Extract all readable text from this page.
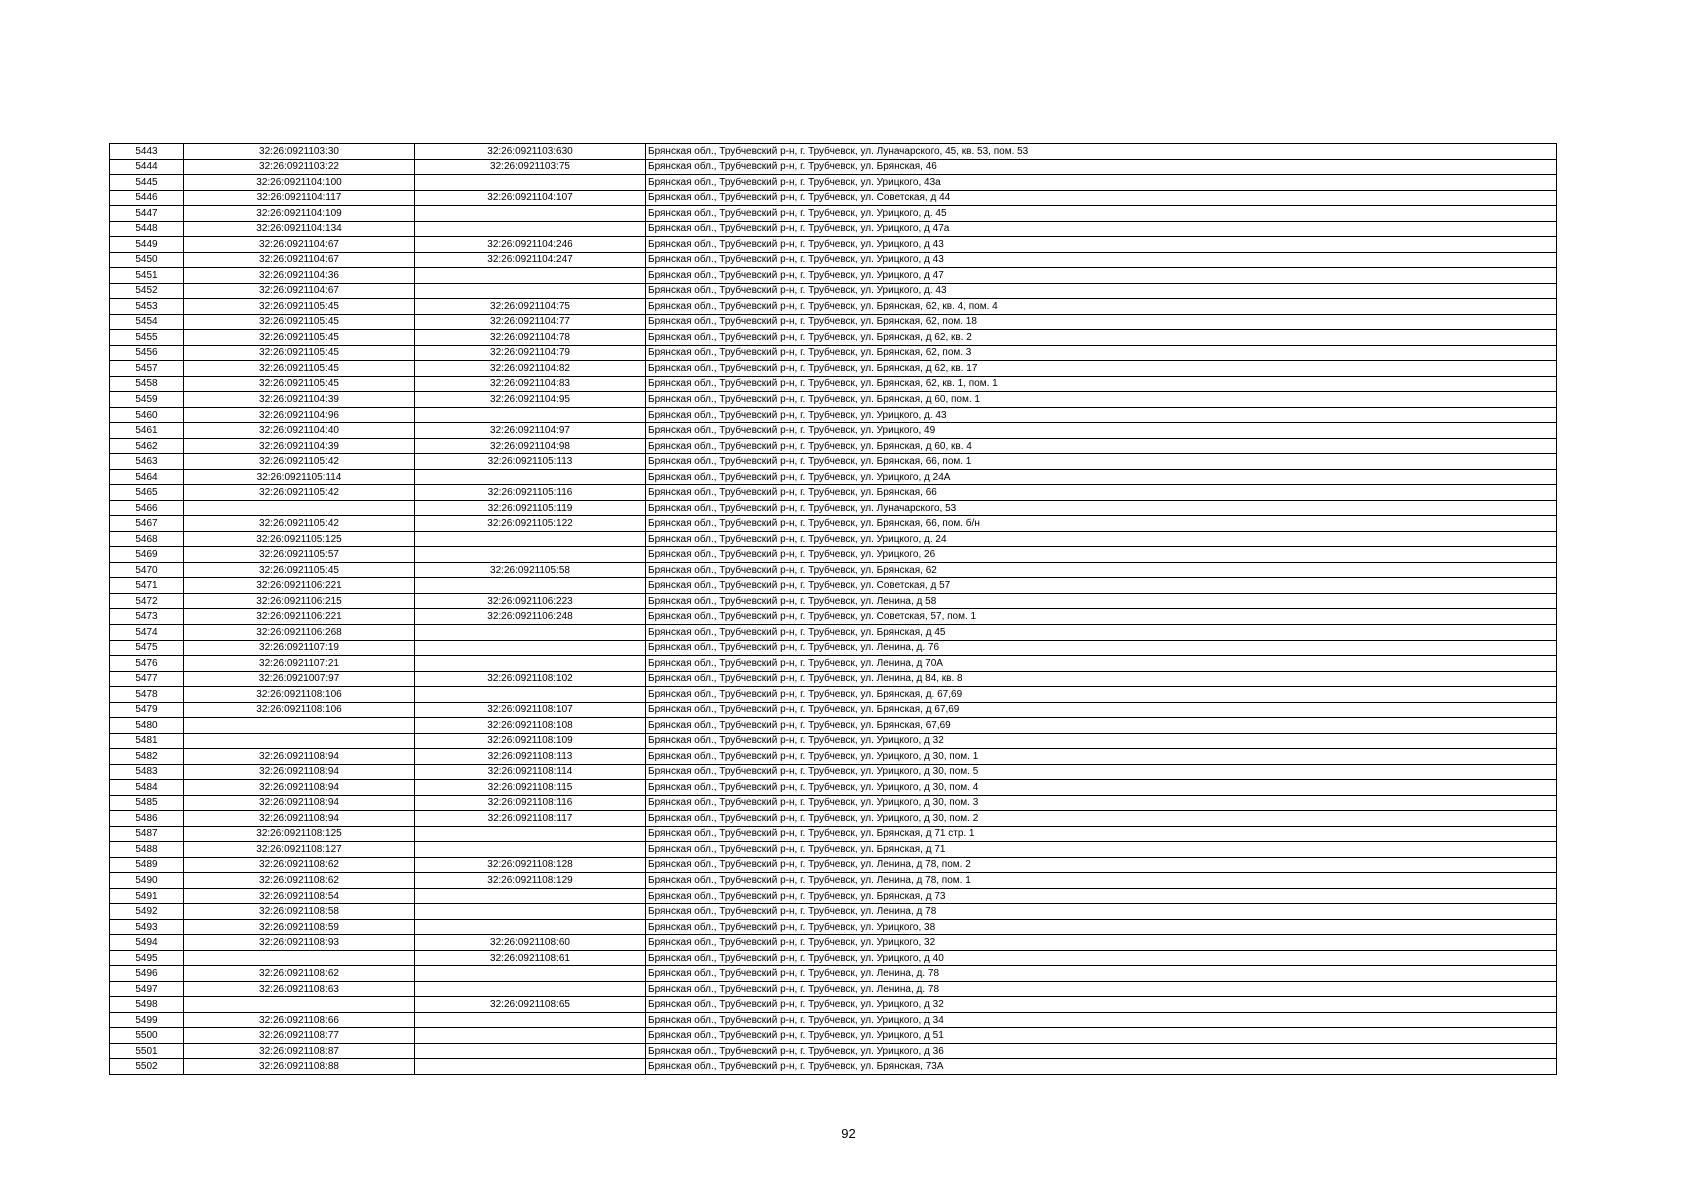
5443	32:26:0921103:30	32:26:0921103:630	Брянская обл., Трубчевский р-н, г. Трубчевск, ул. Луначарского, 45, кв. 53, пом. 53
5444	32:26:0921103:22	32:26:0921103:75	Брянская обл., Трубчевский р-н, г. Трубчевск, ул. Брянская, 46
5445	32:26:0921104:100		Брянская обл., Трубчевский р-н, г. Трубчевск, ул. Урицкого, 43а
5446	32:26:0921104:117	32:26:0921104:107	Брянская обл., Трубчевский р-н, г. Трубчевск, ул. Советская, д 44
5447	32:26:0921104:109		Брянская обл., Трубчевский р-н, г. Трубчевск, ул. Урицкого, д. 45
5448	32:26:0921104:134		Брянская обл., Трубчевский р-н, г. Трубчевск, ул. Урицкого, д 47а
5449	32:26:0921104:67	32:26:0921104:246	Брянская обл., Трубчевский р-н, г. Трубчевск, ул. Урицкого, д 43
5450	32:26:0921104:67	32:26:0921104:247	Брянская обл., Трубчевский р-н, г. Трубчевск, ул. Урицкого, д 43
5451	32:26:0921104:36		Брянская обл., Трубчевский р-н, г. Трубчевск, ул. Урицкого, д 47
5452	32:26:0921104:67		Брянская обл., Трубчевский р-н, г. Трубчевск, ул. Урицкого, д. 43
5453	32:26:0921105:45	32:26:0921104:75	Брянская обл., Трубчевский р-н, г. Трубчевск, ул. Брянская, 62, кв. 4, пом. 4
5454	32:26:0921105:45	32:26:0921104:77	Брянская обл., Трубчевский р-н, г. Трубчевск, ул. Брянская, 62, пом. 18
5455	32:26:0921105:45	32:26:0921104:78	Брянская обл., Трубчевский р-н, г. Трубчевск, ул. Брянская, д 62, кв. 2
5456	32:26:0921105:45	32:26:0921104:79	Брянская обл., Трубчевский р-н, г. Трубчевск, ул. Брянская, 62, пом. 3
5457	32:26:0921105:45	32:26:0921104:82	Брянская обл., Трубчевский р-н, г. Трубчевск, ул. Брянская, д 62, кв. 17
5458	32:26:0921105:45	32:26:0921104:83	Брянская обл., Трубчевский р-н, г. Трубчевск, ул. Брянская, 62, кв. 1, пом. 1
5459	32:26:0921104:39	32:26:0921104:95	Брянская обл., Трубчевский р-н, г. Трубчевск, ул. Брянская, д 60, пом. 1
5460	32:26:0921104:96		Брянская обл., Трубчевский р-н, г. Трубчевск, ул. Урицкого, д. 43
5461	32:26:0921104:40	32:26:0921104:97	Брянская обл., Трубчевский р-н, г. Трубчевск, ул. Урицкого, 49
5462	32:26:0921104:39	32:26:0921104:98	Брянская обл., Трубчевский р-н, г. Трубчевск, ул. Брянская, д 60, кв. 4
5463	32:26:0921105:42	32:26:0921105:113	Брянская обл., Трубчевский р-н, г. Трубчевск, ул. Брянская, 66, пом. 1
5464	32:26:0921105:114		Брянская обл., Трубчевский р-н, г. Трубчевск, ул. Урицкого, д 24А
5465	32:26:0921105:42	32:26:0921105:116	Брянская обл., Трубчевский р-н, г. Трубчевск, ул. Брянская, 66
5466		32:26:0921105:119	Брянская обл., Трубчевский р-н, г. Трубчевск, ул. Луначарского, 53
5467	32:26:0921105:42	32:26:0921105:122	Брянская обл., Трубчевский р-н, г. Трубчевск, ул. Брянская, 66, пом. б/н
5468	32:26:0921105:125		Брянская обл., Трубчевский р-н, г. Трубчевск, ул. Урицкого, д. 24
5469	32:26:0921105:57		Брянская обл., Трубчевский р-н, г. Трубчевск, ул. Урицкого, 26
5470	32:26:0921105:45	32:26:0921105:58	Брянская обл., Трубчевский р-н, г. Трубчевск, ул. Брянская, 62
5471	32:26:0921106:221		Брянская обл., Трубчевский р-н, г. Трубчевск, ул. Советская, д 57
5472	32:26:0921106:215	32:26:0921106:223	Брянская обл., Трубчевский р-н, г. Трубчевск, ул. Ленина, д 58
5473	32:26:0921106:221	32:26:0921106:248	Брянская обл., Трубчевский р-н, г. Трубчевск, ул. Советская, 57, пом. 1
5474	32:26:0921106:268		Брянская обл., Трубчевский р-н, г. Трубчевск, ул. Брянская, д 45
5475	32:26:0921107:19		Брянская обл., Трубчевский р-н, г. Трубчевск, ул. Ленина, д. 76
5476	32:26:0921107:21		Брянская обл., Трубчевский р-н, г. Трубчевск, ул. Ленина, д 70А
5477	32:26:0921007:97	32:26:0921108:102	Брянская обл., Трубчевский р-н, г. Трубчевск, ул. Ленина, д 84, кв. 8
5478	32:26:0921108:106		Брянская обл., Трубчевский р-н, г. Трубчевск, ул. Брянская, д. 67,69
5479	32:26:0921108:106	32:26:0921108:107	Брянская обл., Трубчевский р-н, г. Трубчевск, ул. Брянская, д 67,69
5480		32:26:0921108:108	Брянская обл., Трубчевский р-н, г. Трубчевск, ул. Брянская, 67,69
5481		32:26:0921108:109	Брянская обл., Трубчевский р-н, г. Трубчевск, ул. Урицкого, д 32
5482	32:26:0921108:94	32:26:0921108:113	Брянская обл., Трубчевский р-н, г. Трубчевск, ул. Урицкого, д 30, пом. 1
5483	32:26:0921108:94	32:26:0921108:114	Брянская обл., Трубчевский р-н, г. Трубчевск, ул. Урицкого, д 30, пом. 5
5484	32:26:0921108:94	32:26:0921108:115	Брянская обл., Трубчевский р-н, г. Трубчевск, ул. Урицкого, д 30, пом. 4
5485	32:26:0921108:94	32:26:0921108:116	Брянская обл., Трубчевский р-н, г. Трубчевск, ул. Урицкого, д 30, пом. 3
5486	32:26:0921108:94	32:26:0921108:117	Брянская обл., Трубчевский р-н, г. Трубчевск, ул. Урицкого, д 30, пом. 2
5487	32:26:0921108:125		Брянская обл., Трубчевский р-н, г. Трубчевск, ул. Брянская, д 71 стр. 1
5488	32:26:0921108:127		Брянская обл., Трубчевский р-н, г. Трубчевск, ул. Брянская, д 71
5489	32:26:0921108:62	32:26:0921108:128	Брянская обл., Трубчевский р-н, г. Трубчевск, ул. Ленина, д 78, пом. 2
5490	32:26:0921108:62	32:26:0921108:129	Брянская обл., Трубчевский р-н, г. Трубчевск, ул. Ленина, д 78, пом. 1
5491	32:26:0921108:54		Брянская обл., Трубчевский р-н, г. Трубчевск, ул. Брянская, д 73
5492	32:26:0921108:58		Брянская обл., Трубчевский р-н, г. Трубчевск, ул. Ленина, д 78
5493	32:26:0921108:59		Брянская обл., Трубчевский р-н, г. Трубчевск, ул. Урицкого, 38
5494	32:26:0921108:93	32:26:0921108:60	Брянская обл., Трубчевский р-н, г. Трубчевск, ул. Урицкого, 32
5495		32:26:0921108:61	Брянская обл., Трубчевский р-н, г. Трубчевск, ул. Урицкого, д 40
5496	32:26:0921108:62		Брянская обл., Трубчевский р-н, г. Трубчевск, ул. Ленина, д. 78
5497	32:26:0921108:63		Брянская обл., Трубчевский р-н, г. Трубчевск, ул. Ленина, д. 78
5498		32:26:0921108:65	Брянская обл., Трубчевский р-н, г. Трубчевск, ул. Урицкого, д 32
5499	32:26:0921108:66		Брянская обл., Трубчевский р-н, г. Трубчевск, ул. Урицкого, д 34
5500	32:26:0921108:77		Брянская обл., Трубчевский р-н, г. Трубчевск, ул. Урицкого, д 51
5501	32:26:0921108:87		Брянская обл., Трубчевский р-н, г. Трубчевск, ул. Урицкого, д 36
5502	32:26:0921108:88		Брянская обл., Трубчевский р-н, г. Трубчевск, ул. Брянская, 73А
92
